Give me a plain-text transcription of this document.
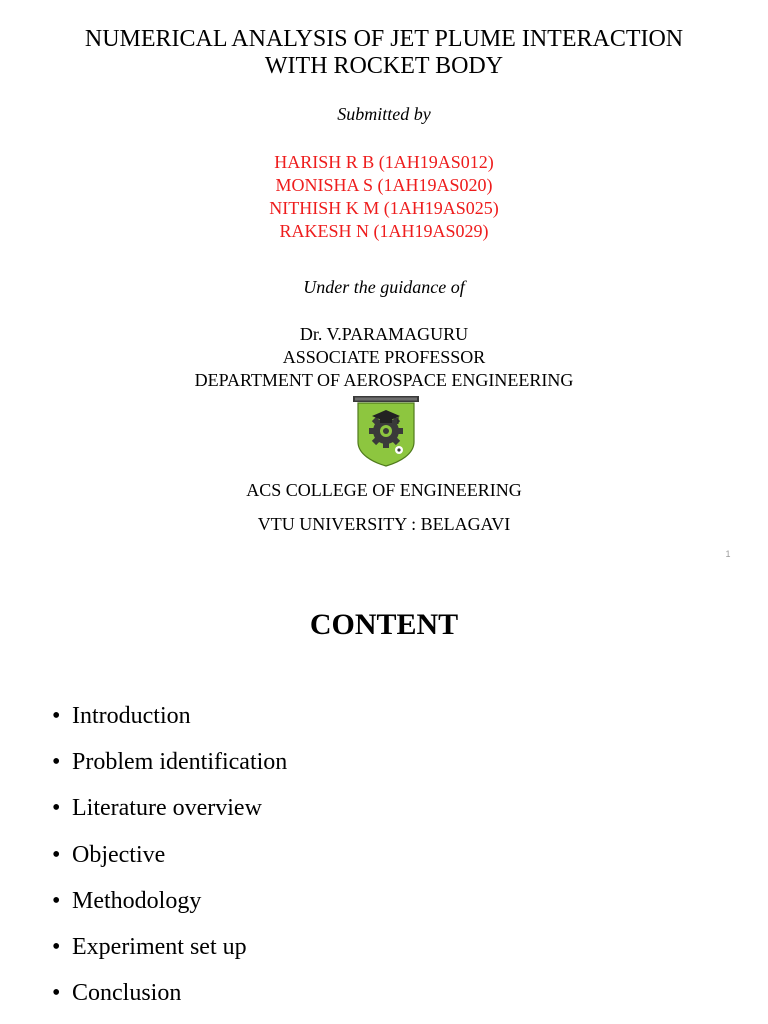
NUMERICAL ANALYSIS OF JET PLUME INTERACTION
WITH ROCKET BODY
Submitted by
HARISH R B (1AH19AS012)
MONISHA S (1AH19AS020)
NITHISH K M (1AH19AS025)
RAKESH N (1AH19AS029)
Under the guidance of
Dr. V.PARAMAGURU
ASSOCIATE PROFESSOR
DEPARTMENT OF AEROSPACE ENGINEERING
ACS COLLEGE OF ENGINEERING
VTU UNIVERSITY : BELAGAVI
1
CONTENT
• Introduction
• Problem identification
• Literature overview
• Objective
• Methodology
• Experiment set up
• Conclusion
